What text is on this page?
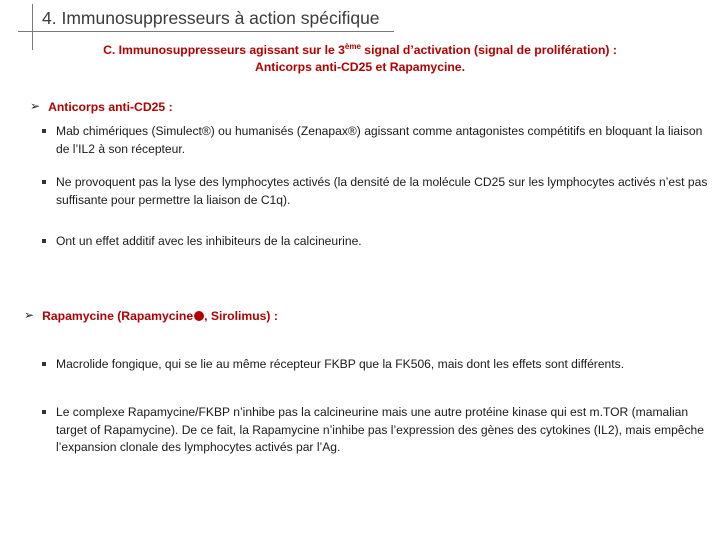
4. Immunosuppresseurs à action spécifique

C. Immunosuppresseurs agissant sur le 3ème signal d’activation (signal de prolifération) :
Anticorps anti-CD25 et Rapamycine.

➢ Anticorps anti-CD25 :

Mab chimériques (Simulect®) ou humanisés (Zenapax®) agissant comme antagonistes compétitifs en bloquant la liaison de l’IL2 à son récepteur.

Ne provoquent pas la lyse des lymphocytes activés (la densité de la molécule CD25 sur les lymphocytes activés n’est pas suffisante pour permettre la liaison de C1q).

Ont un effet additif avec les inhibiteurs de la calcineurine.

➢ Rapamycine (Rapamycine , Sirolimus) :

Macrolide fongique, qui se lie au même récepteur FKBP que la FK506, mais dont les effets sont différents.

Le complexe Rapamycine/FKBP n’inhibe pas la calcineurine mais une autre protéine kinase qui est m.TOR (mamalian target of Rapamycine). De ce fait, la Rapamycine n’inhibe pas l’expression des gènes des cytokines (IL2), mais empêche l’expansion clonale des lymphocytes activés par l’Ag.
